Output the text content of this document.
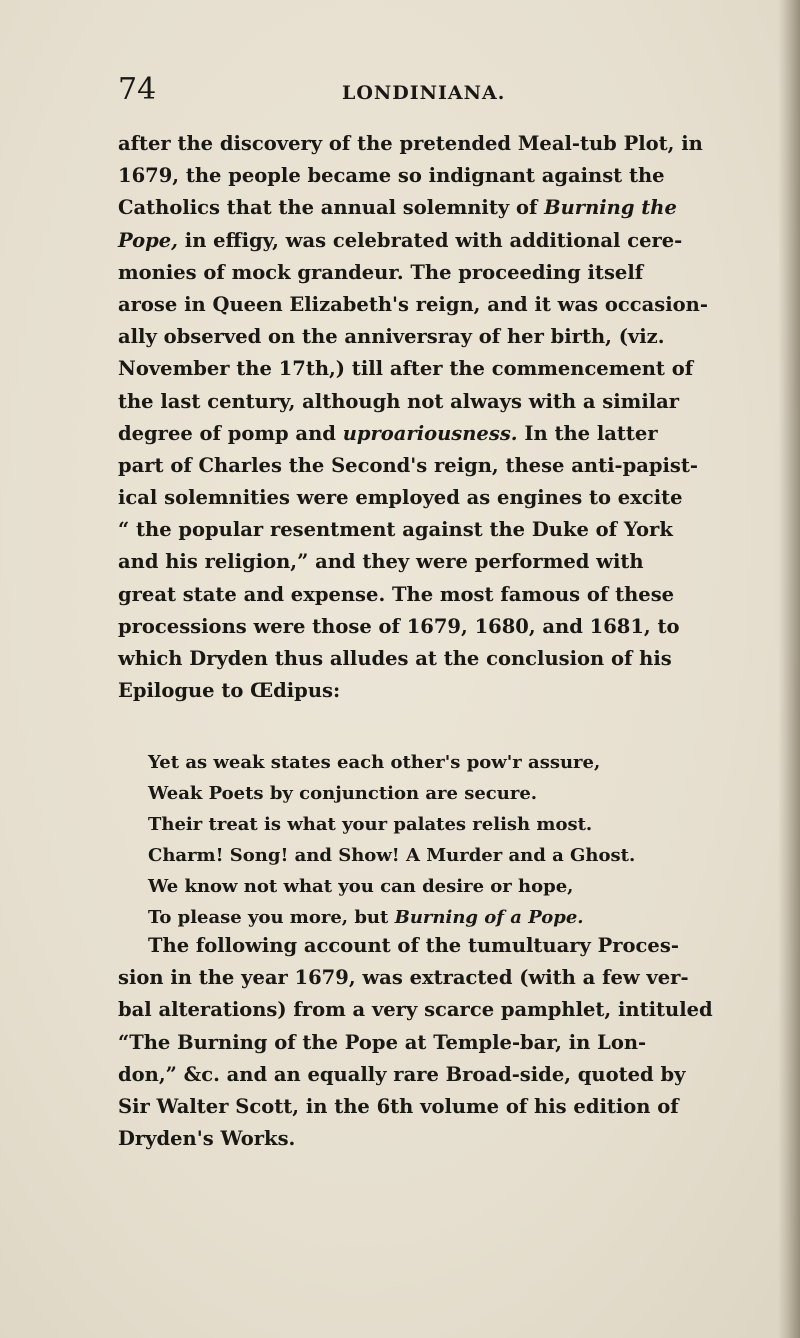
74	LONDINIANA.
after the discovery of the pretended Meal-tub Plot, in
1679, the people became so indignant against the
Catholics that the annual solemnity of Burning the
Pope, in effigy, was celebrated with additional cere-
monies of mock grandeur. The proceeding itself
arose in Queen Elizabeth's reign, and it was occasion-
ally observed on the anniversray of her birth, (viz.
November the 17th,) till after the commencement of
the last century, although not always with a similar
degree of pomp and uproariousness. In the latter
part of Charles the Second's reign, these anti-papist-
ical solemnities were employed as engines to excite
“ the popular resentment against the Duke of York
and his religion,” and they were performed with
great state and expense. The most famous of these
processions were those of 1679, 1680, and 1681, to
which Dryden thus alludes at the conclusion of his
Epilogue to Œdipus:
Yet as weak states each other's pow'r assure,
Weak Poets by conjunction are secure.
Their treat is what your palates relish most.
Charm! Song! and Show! A Murder and a Ghost.
We know not what you can desire or hope,
To please you more, but Burning of a Pope.
The following account of the tumultuary Proces-
sion in the year 1679, was extracted (with a few ver-
bal alterations) from a very scarce pamphlet, intituled
“The Burning of the Pope at Temple-bar, in Lon-
don,” &c. and an equally rare Broad-side, quoted by
Sir Walter Scott, in the 6th volume of his edition of
Dryden's Works.
